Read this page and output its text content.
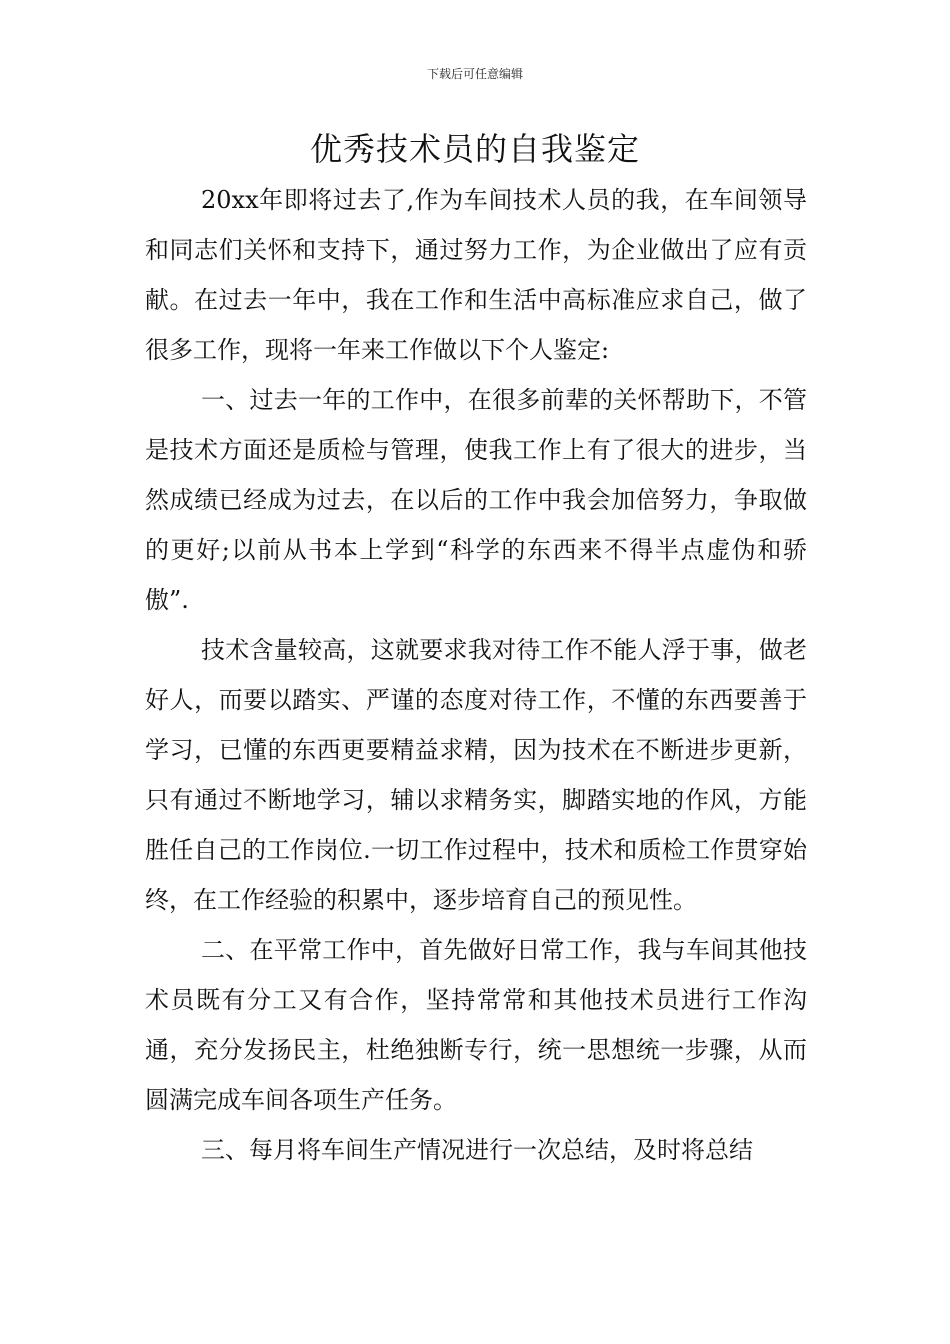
下载后可任意编辑
优秀技术员的自我鉴定

20xx年即将过去了,作为车间技术人员的我，在车间领导和同志们关怀和支持下，通过努力工作，为企业做出了应有贡献。在过去一年中，我在工作和生活中高标准应求自己，做了很多工作，现将一年来工作做以下个人鉴定:

一、过去一年的工作中，在很多前辈的关怀帮助下，不管是技术方面还是质检与管理，使我工作上有了很大的进步，当然成绩已经成为过去，在以后的工作中我会加倍努力，争取做的更好;以前从书本上学到“科学的东西来不得半点虚伪和骄傲”.

技术含量较高，这就要求我对待工作不能人浮于事，做老好人，而要以踏实、严谨的态度对待工作，不懂的东西要善于学习，已懂的东西更要精益求精，因为技术在不断进步更新，只有通过不断地学习，辅以求精务实，脚踏实地的作风，方能胜任自己的工作岗位.一切工作过程中，技术和质检工作贯穿始终，在工作经验的积累中，逐步培育自己的预见性。

二、在平常工作中，首先做好日常工作，我与车间其他技术员既有分工又有合作，坚持常常和其他技术员进行工作沟通，充分发扬民主，杜绝独断专行，统一思想统一步骤，从而圆满完成车间各项生产任务。

三、每月将车间生产情况进行一次总结，及时将总结
